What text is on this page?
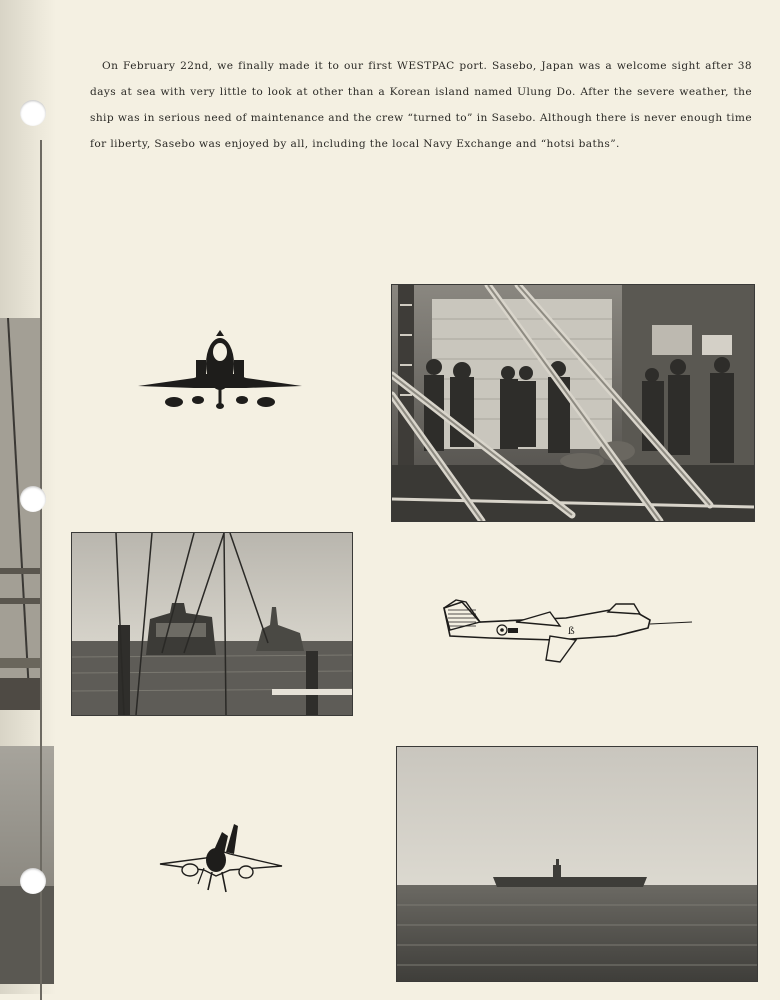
On February 22nd, we finally made it to our first WESTPAC port. Sasebo, Japan was a welcome sight after 38 days at sea with very little to look at other than a Korean island named Ulung Do. After the severe weather, the ship was in serious need of maintenance and the crew “turned to” in Sasebo. Although there is never enough time for liberty, Sasebo was enjoyed by all, including the local Navy Exchange and “hotsi baths”.

ß
